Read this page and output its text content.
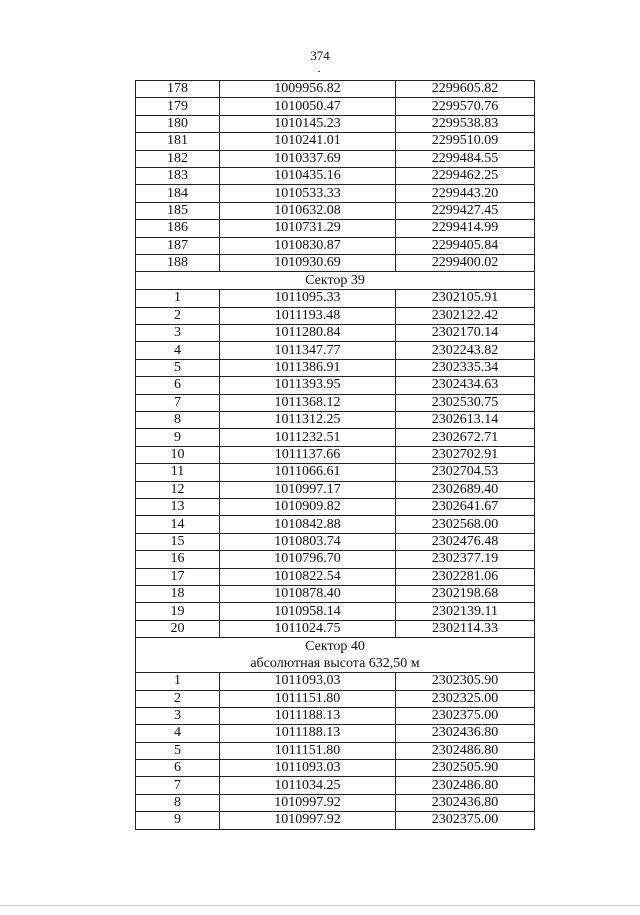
374
178	1009956.82	2299605.82
179	1010050.47	2299570.76
180	1010145.23	2299538.83
181	1010241.01	2299510.09
182	1010337.69	2299484.55
183	1010435.16	2299462.25
184	1010533.33	2299443.20
185	1010632.08	2299427.45
186	1010731.29	2299414.99
187	1010830.87	2299405.84
188	1010930.69	2299400.02

Сектор 39		

1	1011095.33	2302105.91
2	1011193.48	2302122.42
3	1011280.84	2302170.14
4	1011347.77	2302243.82
5	1011386.91	2302335.34
6	1011393.95	2302434.63
7	1011368.12	2302530.75
8	1011312.25	2302613.14
9	1011232.51	2302672.71
10	1011137.66	2302702.91
11	1011066.61	2302704.53
12	1010997.17	2302689.40
13	1010909.82	2302641.67
14	1010842.88	2302568.00
15	1010803.74	2302476.48
16	1010796.70	2302377.19
17	1010822.54	2302281.06
18	1010878.40	2302198.68
19	1010958.14	2302139.11
20	1011024.75	2302114.33

Сектор 40
абсолютная высота 632,50 м		

1	1011093.03	2302305.90
2	1011151.80	2302325.00
3	1011188.13	2302375.00
4	1011188.13	2302436.80
5	1011151.80	2302486.80
6	1011093.03	2302505.90
7	1011034.25	2302486.80
8	1010997.92	2302436.80
9	1010997.92	2302375.00
